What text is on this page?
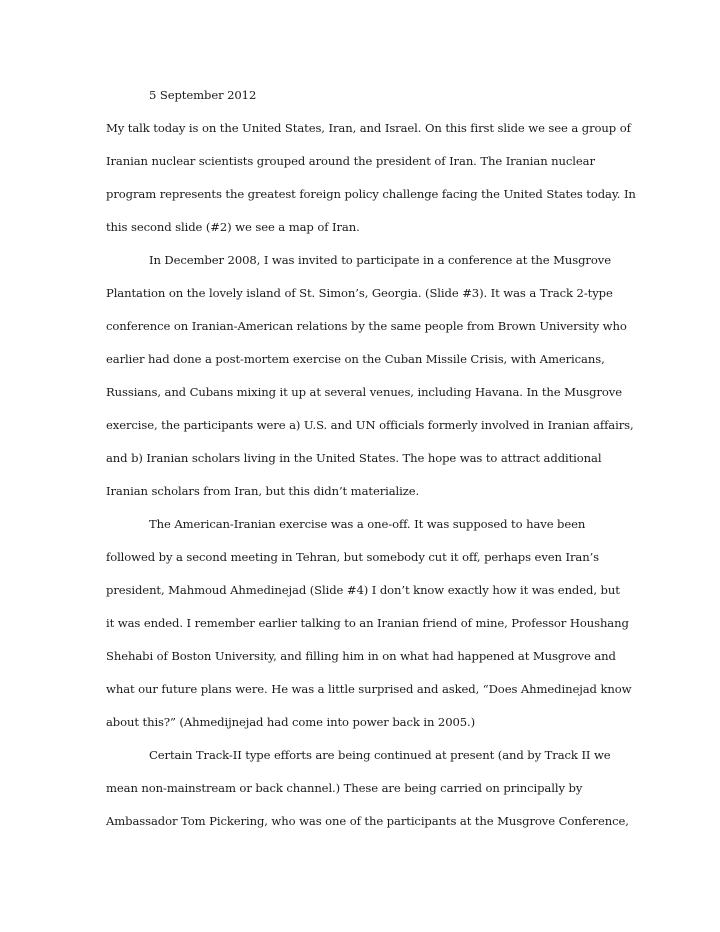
5 September 2012
My talk today is on the United States, Iran, and Israel. On this first slide we see a group of
Iranian nuclear scientists grouped around the president of Iran. The Iranian nuclear
program represents the greatest foreign policy challenge facing the United States today. In
this second slide (#2) we see a map of Iran.
In December 2008, I was invited to participate in a conference at the Musgrove
Plantation on the lovely island of St. Simon’s, Georgia. (Slide #3). It was a Track 2-type
conference on Iranian-American relations by the same people from Brown University who
earlier had done a post-mortem exercise on the Cuban Missile Crisis, with Americans,
Russians, and Cubans mixing it up at several venues, including Havana. In the Musgrove
exercise, the participants were a) U.S. and UN officials formerly involved in Iranian affairs,
and b) Iranian scholars living in the United States. The hope was to attract additional
Iranian scholars from Iran, but this didn’t materialize.
The American-Iranian exercise was a one-off. It was supposed to have been
followed by a second meeting in Tehran, but somebody cut it off, perhaps even Iran’s
president, Mahmoud Ahmedinejad (Slide #4) I don’t know exactly how it was ended, but
it was ended. I remember earlier talking to an Iranian friend of mine, Professor Houshang
Shehabi of Boston University, and filling him in on what had happened at Musgrove and
what our future plans were. He was a little surprised and asked, “Does Ahmedinejad know
about this?” (Ahmedijnejad had come into power back in 2005.)
Certain Track-II type efforts are being continued at present (and by Track II we
mean non-mainstream or back channel.) These are being carried on principally by
Ambassador Tom Pickering, who was one of the participants at the Musgrove Conference,
